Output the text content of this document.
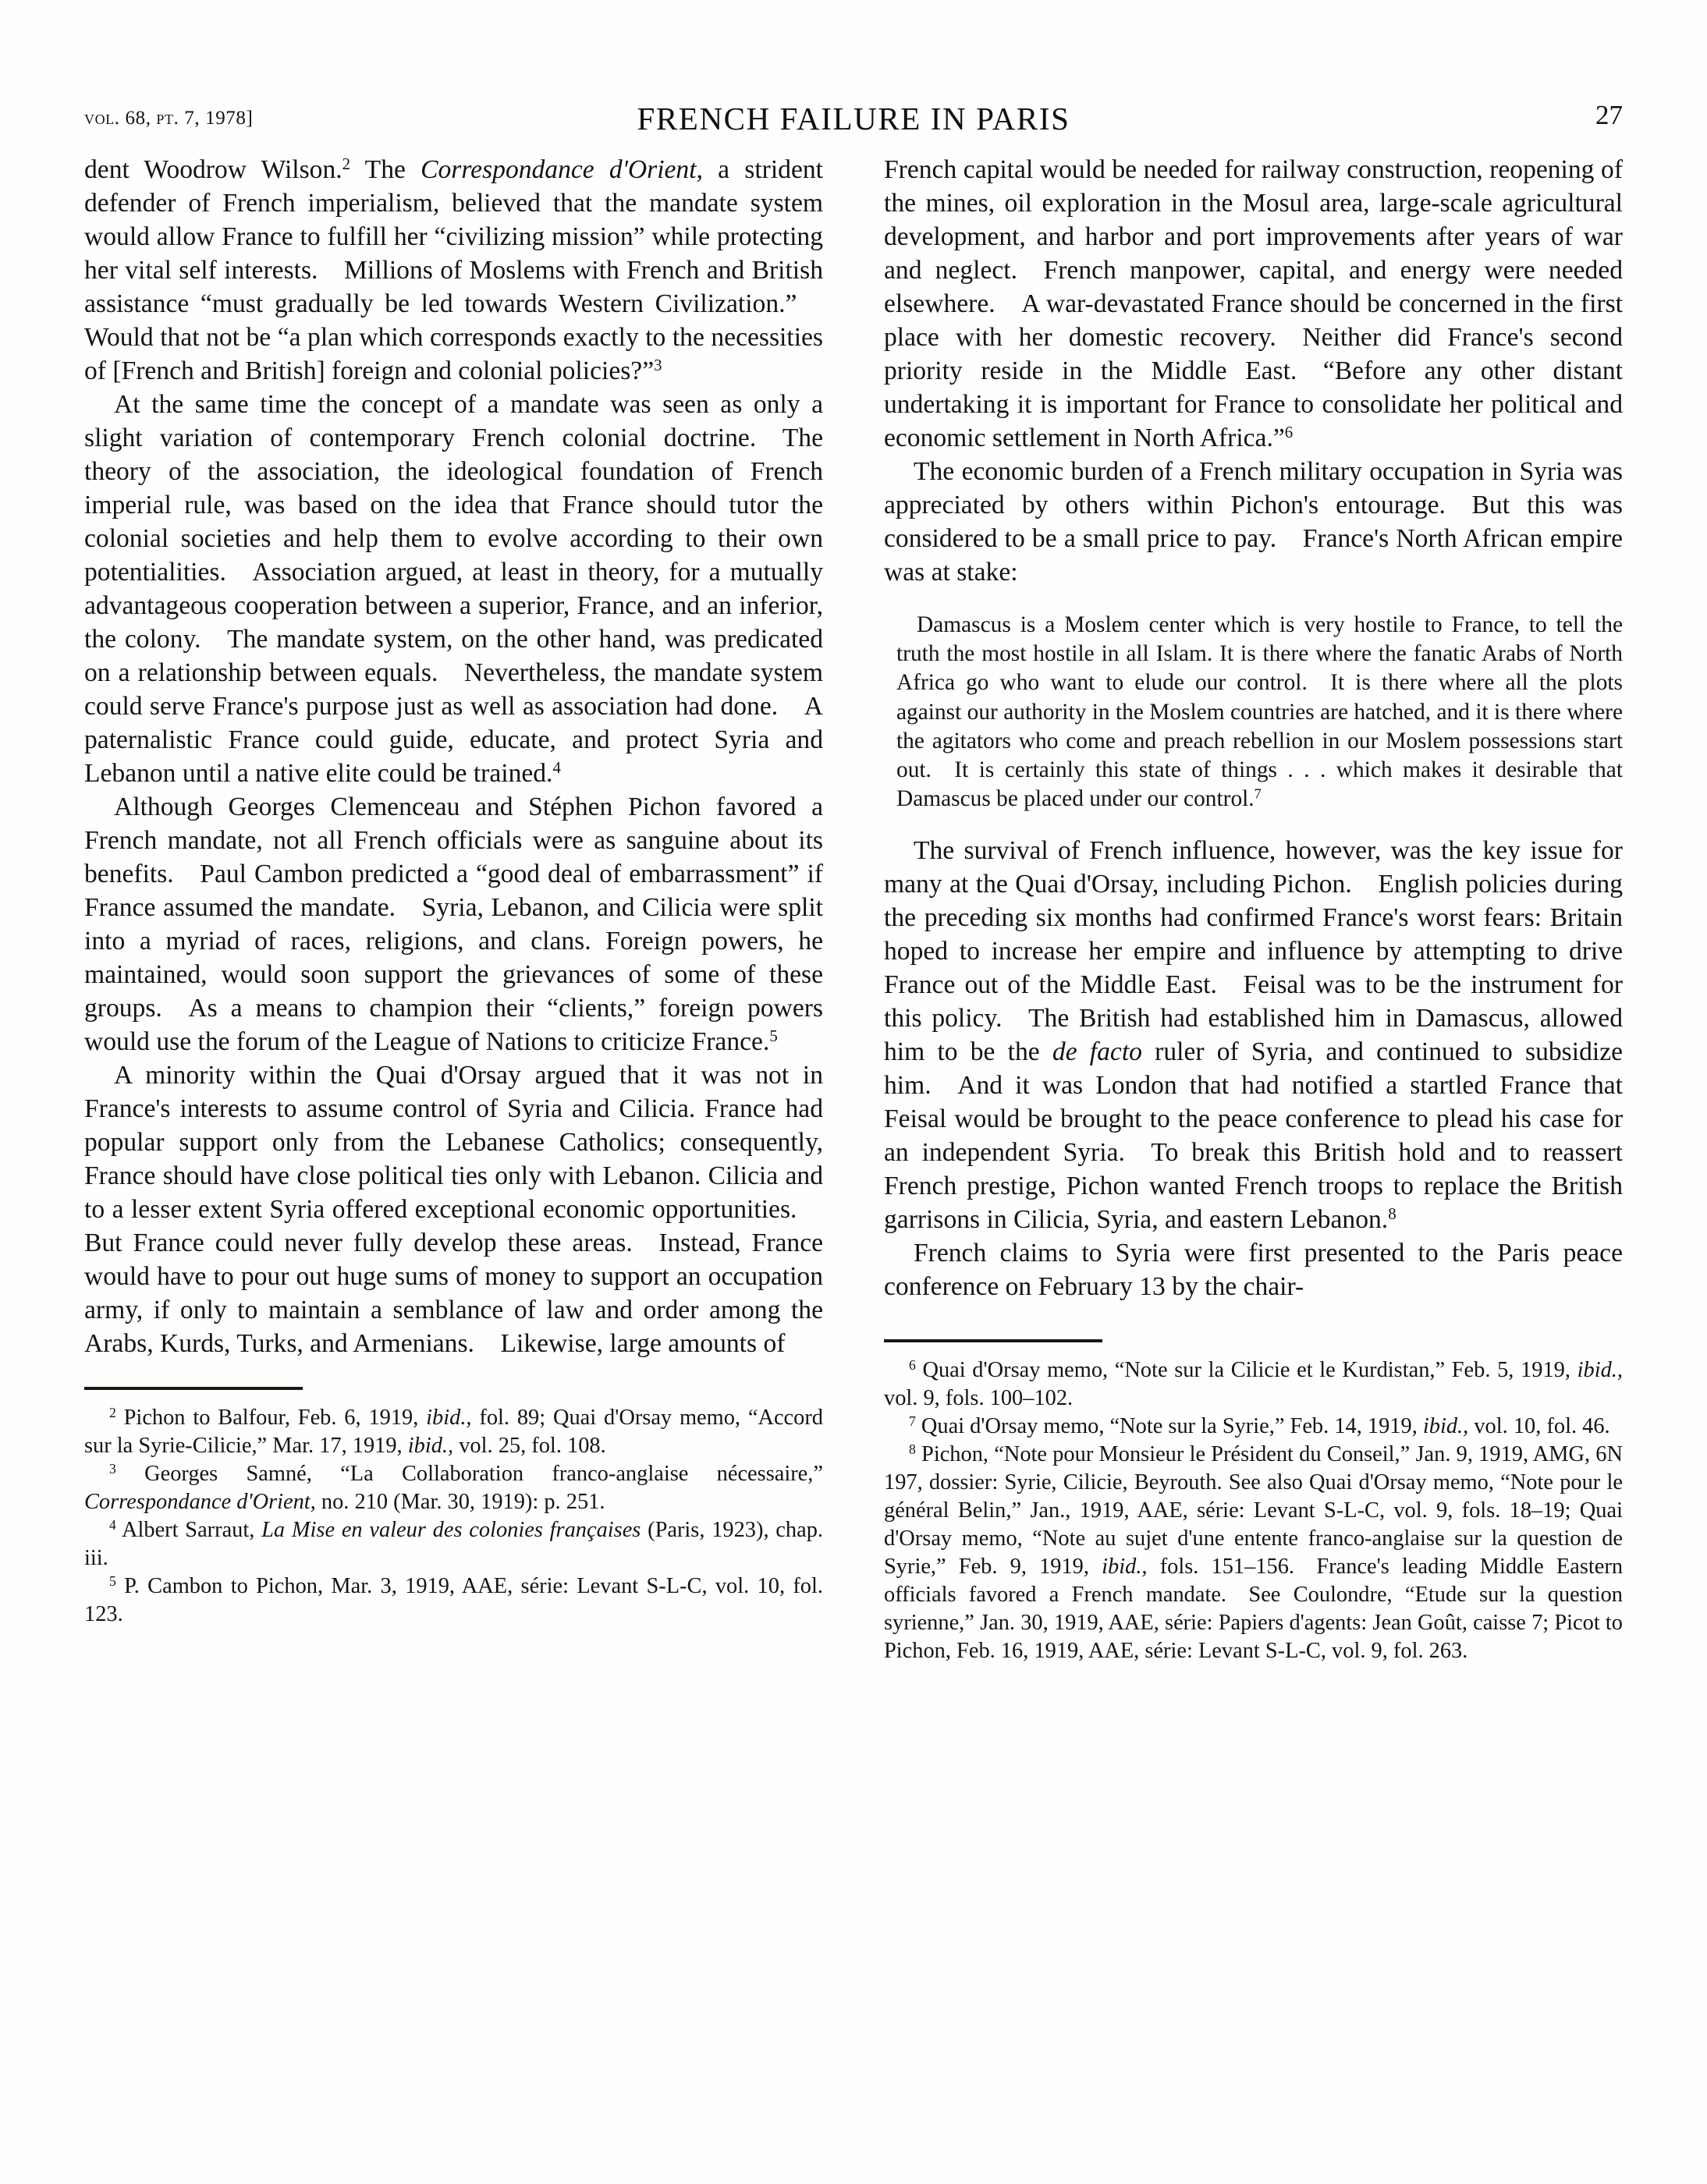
vol. 68, pt. 7, 1978]	FRENCH FAILURE IN PARIS	27

dent Woodrow Wilson.$^2$ The Correspondance d'Orient, a strident defender of French imperialism, believed that the mandate system would allow France to fulfill her “civilizing mission” while protecting her vital self interests. Millions of Moslems with French and British assistance “must gradually be led towards Western Civilization.” Would that not be “a plan which corresponds exactly to the necessities of [French and British] foreign and colonial policies?”$^3$

At the same time the concept of a mandate was seen as only a slight variation of contemporary French colonial doctrine. The theory of the association, the ideological foundation of French imperial rule, was based on the idea that France should tutor the colonial societies and help them to evolve according to their own potentialities. Association argued, at least in theory, for a mutually advantageous cooperation between a superior, France, and an inferior, the colony. The mandate system, on the other hand, was predicated on a relationship between equals. Nevertheless, the mandate system could serve France's purpose just as well as association had done. A paternalistic France could guide, educate, and protect Syria and Lebanon until a native elite could be trained.$^4$

Although Georges Clemenceau and Stéphen Pichon favored a French mandate, not all French officials were as sanguine about its benefits. Paul Cambon predicted a “good deal of embarrassment” if France assumed the mandate. Syria, Lebanon, and Cilicia were split into a myriad of races, religions, and clans. Foreign powers, he maintained, would soon support the grievances of some of these groups. As a means to champion their “clients,” foreign powers would use the forum of the League of Nations to criticize France.$^5$

A minority within the Quai d'Orsay argued that it was not in France's interests to assume control of Syria and Cilicia. France had popular support only from the Lebanese Catholics; consequently, France should have close political ties only with Lebanon. Cilicia and to a lesser extent Syria offered exceptional economic opportunities. But France could never fully develop these areas. Instead, France would have to pour out huge sums of money to support an occupation army, if only to maintain a semblance of law and order among the Arabs, Kurds, Turks, and Armenians. Likewise, large amounts of

$^2$ Pichon to Balfour, Feb. 6, 1919, ibid., fol. 89; Quai d'Orsay memo, “Accord sur la Syrie-Cilicie,” Mar. 17, 1919, ibid., vol. 25, fol. 108.

$^3$ Georges Samné, “La Collaboration franco-anglaise nécessaire,” Correspondance d'Orient, no. 210 (Mar. 30, 1919): p. 251.

$^4$ Albert Sarraut, La Mise en valeur des colonies françaises (Paris, 1923), chap. iii.

$^5$ P. Cambon to Pichon, Mar. 3, 1919, AAE, série: Levant S-L-C, vol. 10, fol. 123.

French capital would be needed for railway construction, reopening of the mines, oil exploration in the Mosul area, large-scale agricultural development, and harbor and port improvements after years of war and neglect. French manpower, capital, and energy were needed elsewhere. A war-devastated France should be concerned in the first place with her domestic recovery. Neither did France's second priority reside in the Middle East. “Before any other distant undertaking it is important for France to consolidate her political and economic settlement in North Africa.”$^6$

The economic burden of a French military occupation in Syria was appreciated by others within Pichon's entourage. But this was considered to be a small price to pay. France's North African empire was at stake:

Damascus is a Moslem center which is very hostile to France, to tell the truth the most hostile in all Islam. It is there where the fanatic Arabs of North Africa go who want to elude our control. It is there where all the plots against our authority in the Moslem countries are hatched, and it is there where the agitators who come and preach rebellion in our Moslem possessions start out. It is certainly this state of things . . . which makes it desirable that Damascus be placed under our control.$^7$

The survival of French influence, however, was the key issue for many at the Quai d'Orsay, including Pichon. English policies during the preceding six months had confirmed France's worst fears: Britain hoped to increase her empire and influence by attempting to drive France out of the Middle East. Feisal was to be the instrument for this policy. The British had established him in Damascus, allowed him to be the de facto ruler of Syria, and continued to subsidize him. And it was London that had notified a startled France that Feisal would be brought to the peace conference to plead his case for an independent Syria. To break this British hold and to reassert French prestige, Pichon wanted French troops to replace the British garrisons in Cilicia, Syria, and eastern Lebanon.$^8$

French claims to Syria were first presented to the Paris peace conference on February 13 by the chair-

$^6$ Quai d'Orsay memo, “Note sur la Cilicie et le Kurdistan,” Feb. 5, 1919, ibid., vol. 9, fols. 100–102.

$^7$ Quai d'Orsay memo, “Note sur la Syrie,” Feb. 14, 1919, ibid., vol. 10, fol. 46.

$^8$ Pichon, “Note pour Monsieur le Président du Conseil,” Jan. 9, 1919, AMG, 6N 197, dossier: Syrie, Cilicie, Beyrouth. See also Quai d'Orsay memo, “Note pour le général Belin,” Jan., 1919, AAE, série: Levant S-L-C, vol. 9, fols. 18–19; Quai d'Orsay memo, “Note au sujet d'une entente franco-anglaise sur la question de Syrie,” Feb. 9, 1919, ibid., fols. 151–156. France's leading Middle Eastern officials favored a French mandate. See Coulondre, “Etude sur la question syrienne,” Jan. 30, 1919, AAE, série: Papiers d'agents: Jean Goût, caisse 7; Picot to Pichon, Feb. 16, 1919, AAE, série: Levant S-L-C, vol. 9, fol. 263.
